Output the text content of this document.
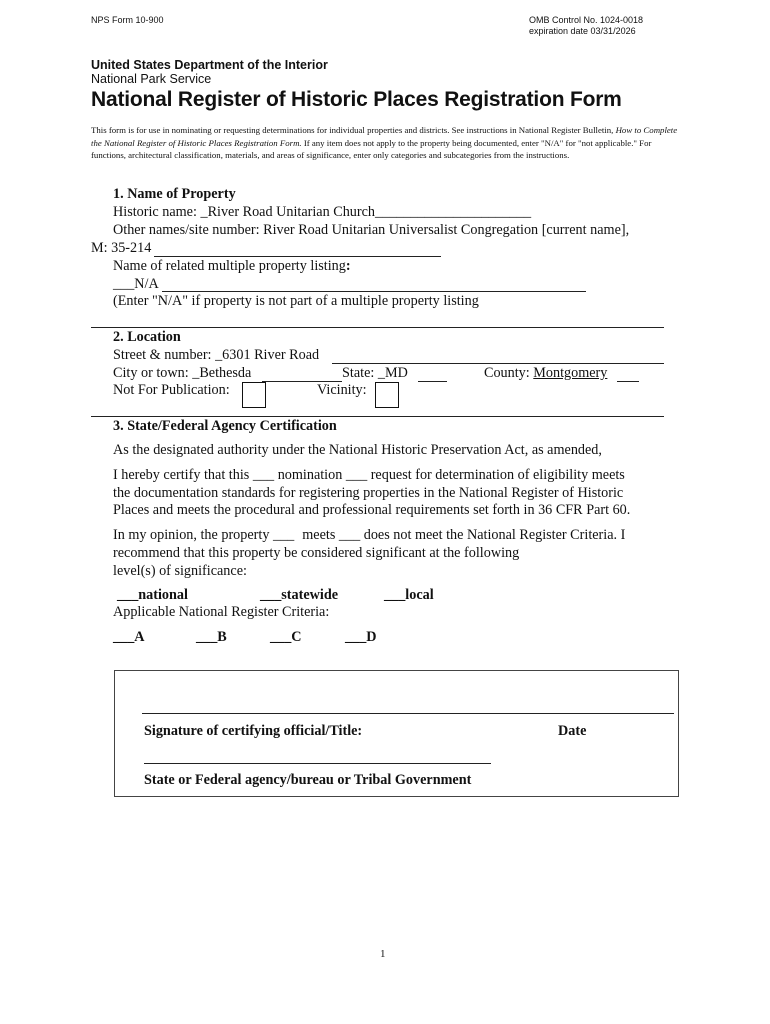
NPS Form 10-900	OMB Control No. 1024-0018
expiration date 03/31/2026
United States Department of the Interior
National Park Service
National Register of Historic Places Registration Form
This form is for use in nominating or requesting determinations for individual properties and districts. See instructions in National Register Bulletin, How to Complete the National Register of Historic Places Registration Form. If any item does not apply to the property being documented, enter "N/A" for "not applicable." For functions, architectural classification, materials, and areas of significance, enter only categories and subcategories from the instructions.
1. Name of Property
Historic name: _River Road Unitarian Church______________________
Other names/site number: River Road Unitarian Universalist Congregation [current name],
M: 35-214
Name of related multiple property listing:
___N/A
(Enter "N/A" if property is not part of a multiple property listing
2. Location
Street & number: _6301 River Road
City or town: _Bethesda	State: _MD	County: Montgomery
Not For Publication:	Vicinity:
3. State/Federal Agency Certification
As the designated authority under the National Historic Preservation Act, as amended,
I hereby certify that this ___ nomination ___ request for determination of eligibility meets
the documentation standards for registering properties in the National Register of Historic
Places and meets the procedural and professional requirements set forth in 36 CFR Part 60.
In my opinion, the property ___ meets ___ does not meet the National Register Criteria. I
recommend that this property be considered significant at the following
level(s) of significance:
___national	___statewide	___local
Applicable National Register Criteria:
___A	___B	___C	___D
Signature of certifying official/Title:	Date
State or Federal agency/bureau or Tribal Government
1
